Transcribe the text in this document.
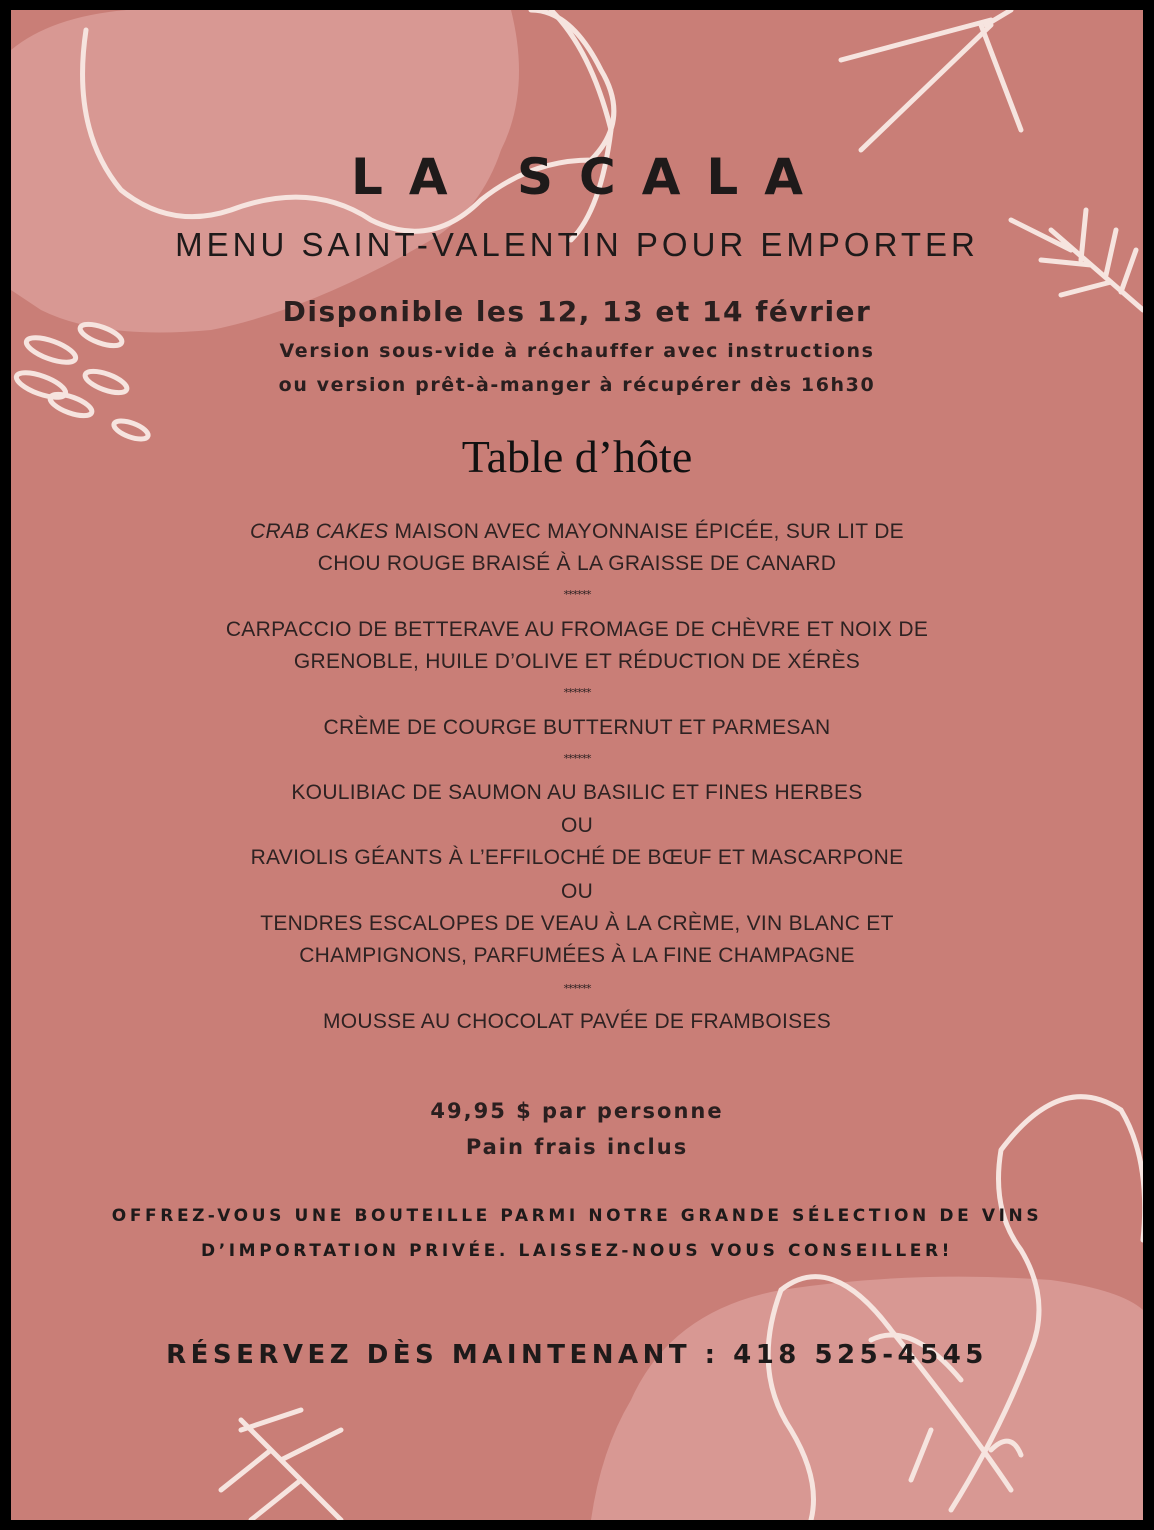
LA SCALA
MENU SAINT-VALENTIN POUR EMPORTER
Disponible les 12, 13 et 14 février
Version sous-vide à réchauffer avec instructions
ou version prêt-à-manger à récupérer dès 16h30
Table d’hôte
CRAB CAKES MAISON AVEC MAYONNAISE ÉPICÉE, SUR LIT DE
CHOU ROUGE BRAISÉ À LA GRAISSE DE CANARD
******
CARPACCIO DE BETTERAVE AU FROMAGE DE CHÈVRE ET NOIX DE
GRENOBLE, HUILE D’OLIVE ET RÉDUCTION DE XÉRÈS
******
CRÈME DE COURGE BUTTERNUT ET PARMESAN
******
KOULIBIAC DE SAUMON AU BASILIC ET FINES HERBES
OU
RAVIOLIS GÉANTS À L’EFFILOCHÉ DE BŒUF ET MASCARPONE
OU
TENDRES ESCALOPES DE VEAU À LA CRÈME, VIN BLANC ET
CHAMPIGNONS, PARFUMÉES À LA FINE CHAMPAGNE
******
MOUSSE AU CHOCOLAT PAVÉE DE FRAMBOISES
49,95 $ par personne
Pain frais inclus
OFFREZ-VOUS UNE BOUTEILLE PARMI NOTRE GRANDE SÉLECTION DE VINS
D’IMPORTATION PRIVÉE. LAISSEZ-NOUS VOUS CONSEILLER!
RÉSERVEZ DÈS MAINTENANT : 418 525-4545
